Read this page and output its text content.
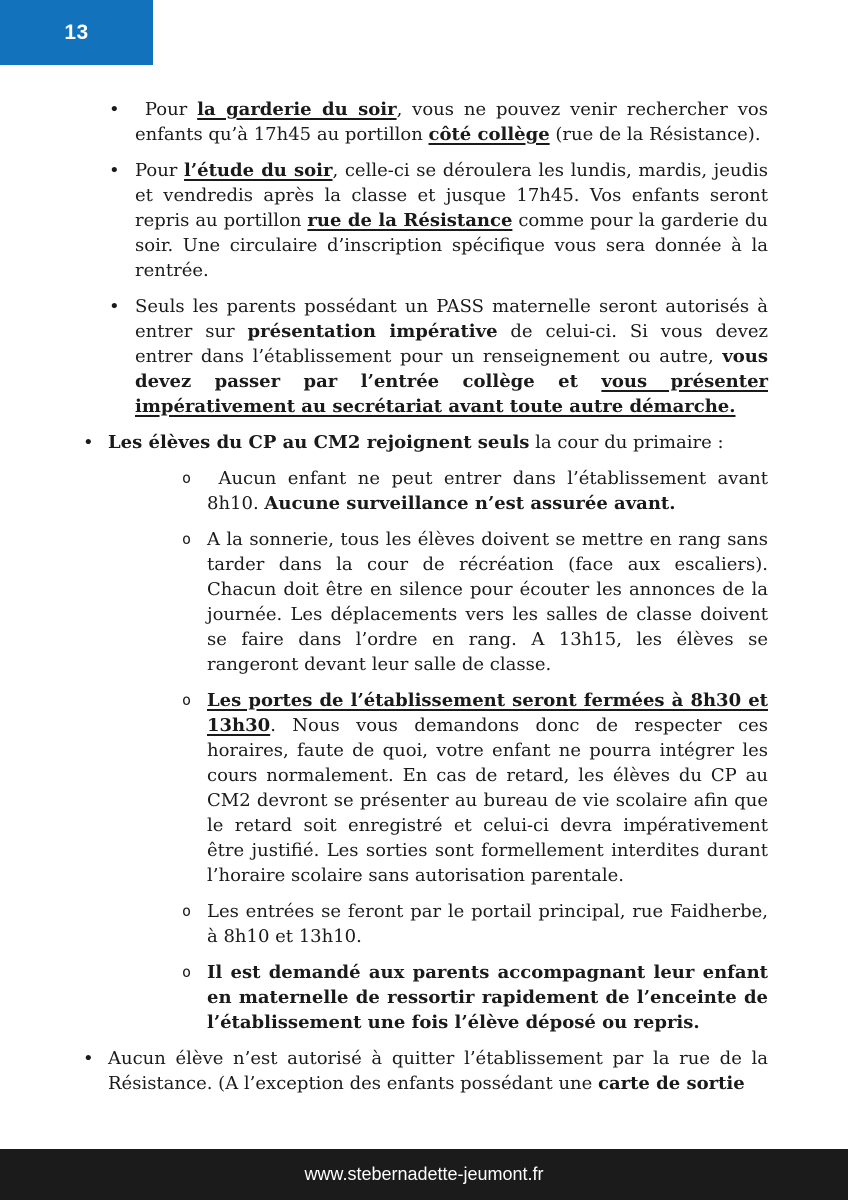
13
• Pour la garderie du soir, vous ne pouvez venir rechercher vos enfants qu’à 17h45 au portillon côté collège (rue de la Résistance).
• Pour l’étude du soir, celle-ci se déroulera les lundis, mardis, jeudis et vendredis après la classe et jusque 17h45. Vos enfants seront repris au portillon rue de la Résistance comme pour la garderie du soir. Une circulaire d’inscription spécifique vous sera donnée à la rentrée.
• Seuls les parents possédant un PASS maternelle seront autorisés à entrer sur présentation impérative de celui-ci. Si vous devez entrer dans l’établissement pour un renseignement ou autre, vous devez passer par l’entrée collège et vous présenter impérativement au secrétariat avant toute autre démarche.
• Les élèves du CP au CM2 rejoignent seuls la cour du primaire :
o Aucun enfant ne peut entrer dans l’établissement avant 8h10. Aucune surveillance n’est assurée avant.
o A la sonnerie, tous les élèves doivent se mettre en rang sans tarder dans la cour de récréation (face aux escaliers). Chacun doit être en silence pour écouter les annonces de la journée. Les déplacements vers les salles de classe doivent se faire dans l’ordre en rang. A 13h15, les élèves se rangeront devant leur salle de classe.
o Les portes de l’établissement seront fermées à 8h30 et 13h30. Nous vous demandons donc de respecter ces horaires, faute de quoi, votre enfant ne pourra intégrer les cours normalement. En cas de retard, les élèves du CP au CM2 devront se présenter au bureau de vie scolaire afin que le retard soit enregistré et celui-ci devra impérativement être justifié. Les sorties sont formellement interdites durant l’horaire scolaire sans autorisation parentale.
o Les entrées se feront par le portail principal, rue Faidherbe, à 8h10 et 13h10.
o Il est demandé aux parents accompagnant leur enfant en maternelle de ressortir rapidement de l’enceinte de l’établissement une fois l’élève déposé ou repris.
• Aucun élève n’est autorisé à quitter l’établissement par la rue de la Résistance. (A l’exception des enfants possédant une carte de sortie
www.stebernadette-jeumont.fr
